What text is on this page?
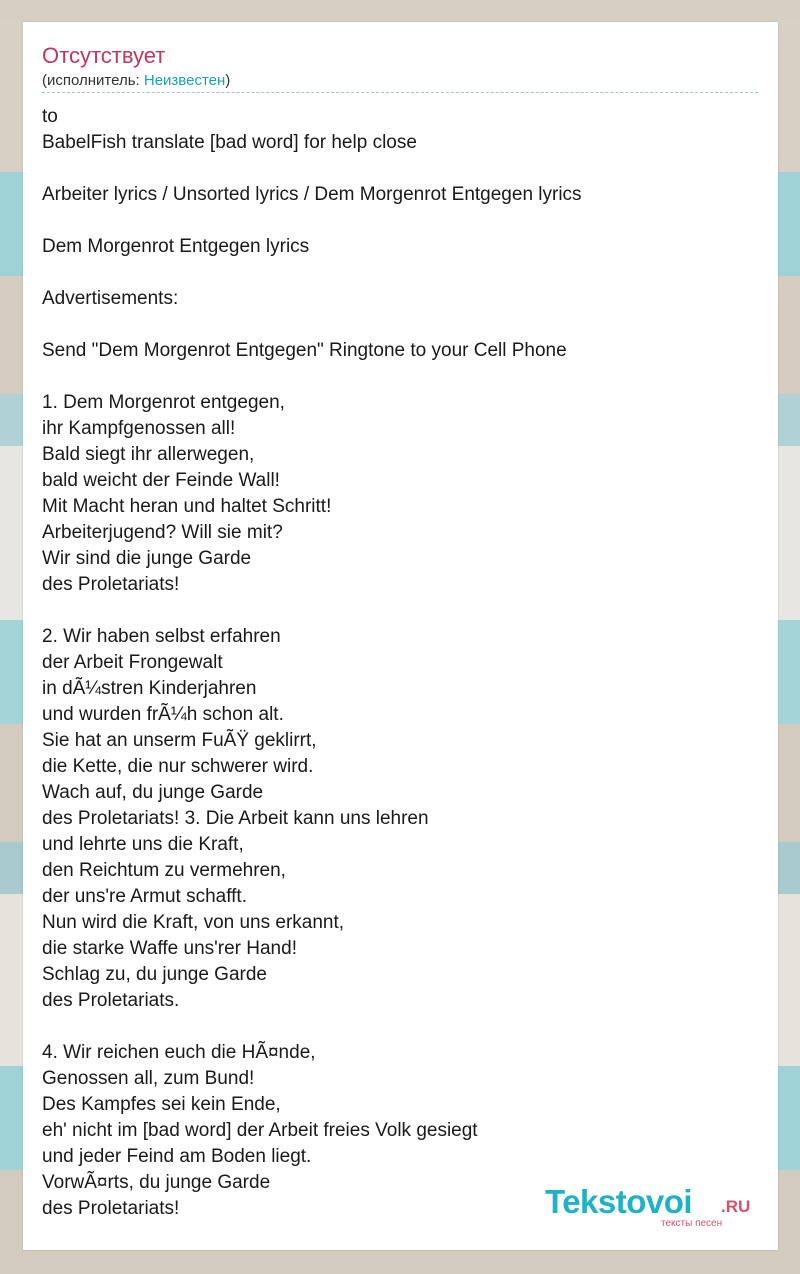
Отсутствует
(исполнитель: Неизвестен)
to
BabelFish translate [bad word] for help close

Arbeiter lyrics / Unsorted lyrics / Dem Morgenrot Entgegen lyrics

Dem Morgenrot Entgegen lyrics

Advertisements:

Send "Dem Morgenrot Entgegen" Ringtone to your Cell Phone

1. Dem Morgenrot entgegen,
ihr Kampfgenossen all!
Bald siegt ihr allerwegen,
bald weicht der Feinde Wall!
Mit Macht heran und haltet Schritt!
Arbeiterjugend? Will sie mit?
Wir sind die junge Garde
des Proletariats!

2. Wir haben selbst erfahren
der Arbeit Frongewalt
in dÃ¼stren Kinderjahren
und wurden frÃ¼h schon alt.
Sie hat an unserm FuÃŸ geklirrt,
die Kette, die nur schwerer wird.
Wach auf, du junge Garde
des Proletariats! 3. Die Arbeit kann uns lehren
und lehrte uns die Kraft,
den Reichtum zu vermehren,
der uns're Armut schafft.
Nun wird die Kraft, von uns erkannt,
die starke Waffe uns'rer Hand!
Schlag zu, du junge Garde
des Proletariats.

4. Wir reichen euch die HÃ¤nde,
Genossen all, zum Bund!
Des Kampfes sei kein Ende,
eh' nicht im [bad word] der Arbeit freies Volk gesiegt
und jeder Feind am Boden liegt.
VorwÃ¤rts, du junge Garde
des Proletariats!	Tekstovoi .RU
тексты песен
